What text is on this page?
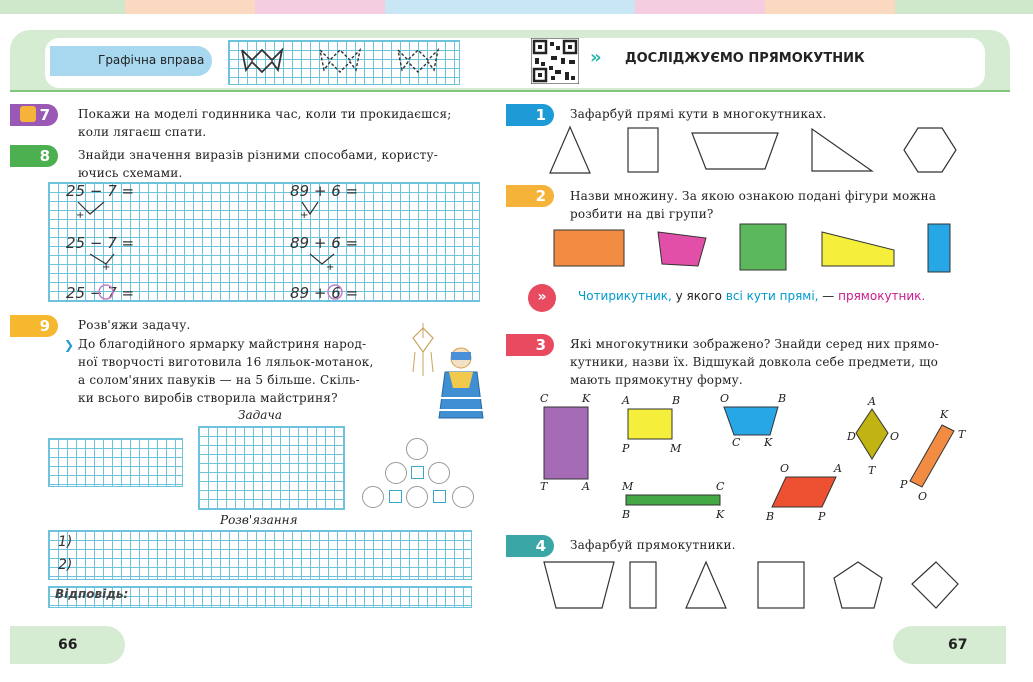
Графічна вправа	» ДОСЛІДЖУЄМО ПРЯМОКУТНИК
7	Покажи на моделі годинника час, коли ти прокидаєшся;
коли лягаєш спати.
8	Знайди значення виразів різними способами, користу-
ючись схемами.
25 − 7 =
25 − 7 =
25 − 7 =
89 + 6 =
89 + 6 =
89 + 6 =
+
+
+
+
9	Розв'яжи задачу.
❯ До благодійного ярмарку майстриня народ-
ної творчості виготовила 16 ляльок-мотанок,
а солом'яних павуків — на 5 більше. Скіль-
ки всього виробів створила майстриня?
Задача
Розв'язання
1)
2)
Відповідь:
66	67
1	Зафарбуй прямі кути в многокутниках.
2	Назви множину. За якою ознакою подані фігури можна
розбити на дві групи?
»	Чотирикутник, у якого всі кути прямі, — прямокутник.
3	Які многокутники зображено? Знайди серед них прямо-
кутники, назви їх. Відшукай довкола себе предмети, що
мають прямокутну форму.
C	K
T	A
A	B
P	M
O	B
C K
A
D	O
T
K
T
P
O
M	C
B	K
O	A
B	P
4	Зафарбуй прямокутники.
